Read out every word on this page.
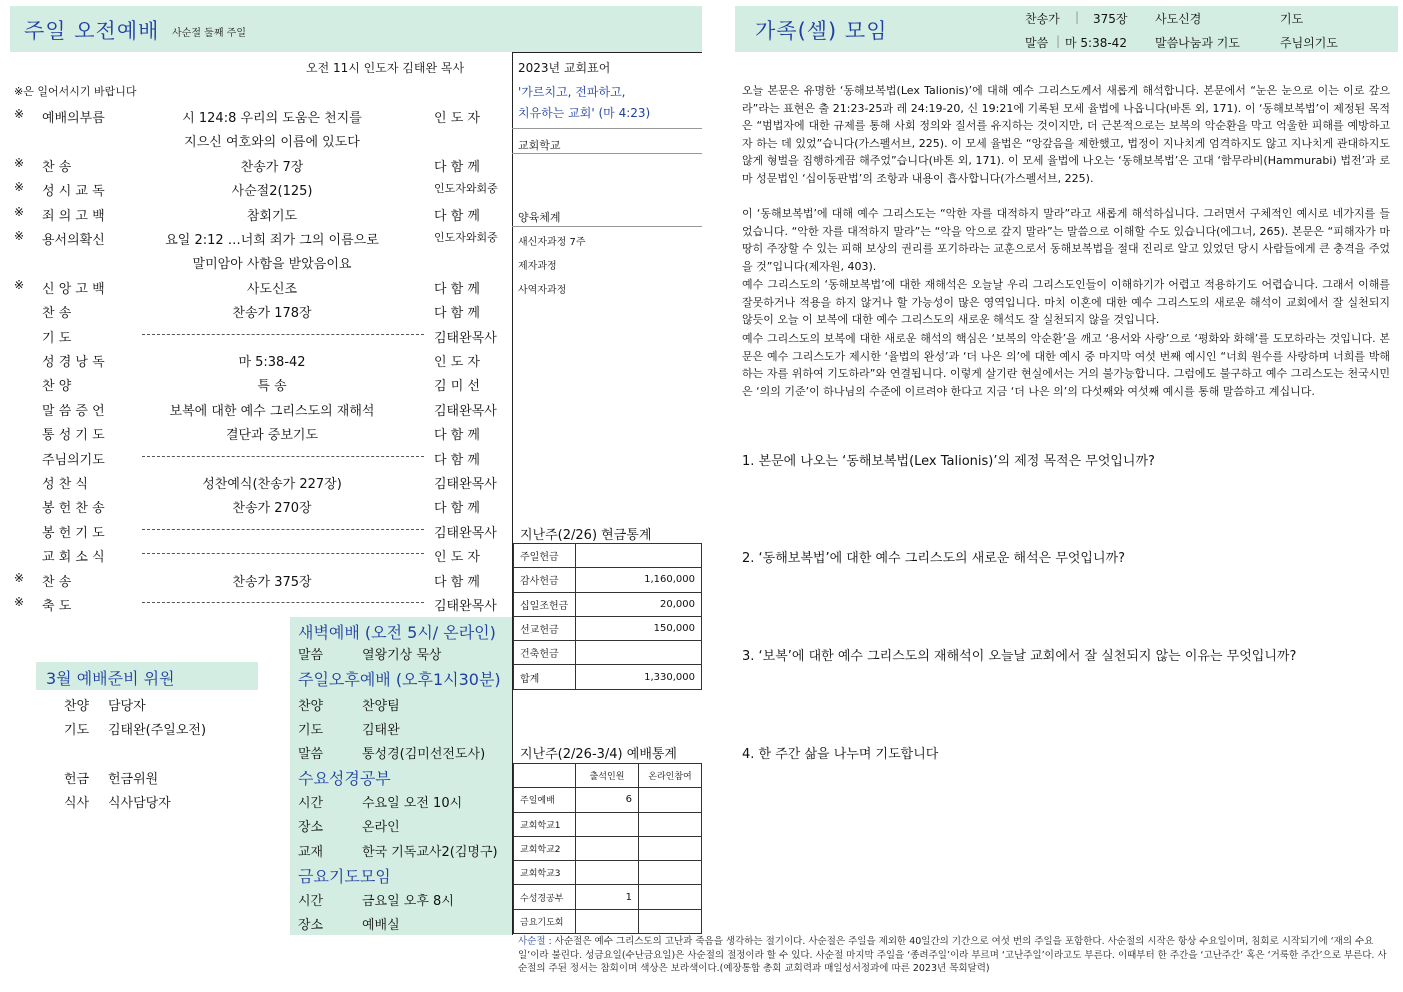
주일 오전예배 사순절 둘째 주일	가족(셀) 모임	찬송가 | 375장 사도신경	기도
말씀 | 마 5:38-42 말씀나눔과 기도	주님의기도
오전 11시 인도자 김태완 목사
※은 일어서시기 바랍니다
※ 예배의부름	시 124:8 우리의 도움은 천지를	인 도 자
지으신 여호와의 이름에 있도다
※ 찬 송	찬송가 7장	다 함 께
※ 성 시 교 독	사순절2(125)	인도자와회중
※ 죄 의 고 백	참회기도	다 함 께
※ 용서의확신	요일 2:12 …너희 죄가 그의 이름으로	인도자와회중
말미암아 사함을 받았음이요
※ 신 앙 고 백	사도신조	다 함 께
찬 송	찬송가 178장	다 함 께
기 도	김태완목사
성 경 낭 독	마 5:38-42	인 도 자
찬 양	특 송	김 미 선
말 씀 증 언	보복에 대한 예수 그리스도의 재해석	김태완목사
통 성 기 도	결단과 중보기도	다 함 께
주님의기도	다 함 께
성 찬 식	성찬예식(찬송가 227장)	김태완목사
봉 헌 찬 송	찬송가 270장	다 함 께
봉 헌 기 도	김태완목사
교 회 소 식	인 도 자
※ 찬 송	찬송가 375장	다 함 께
※ 축 도	김태완목사
2023년 교회표어
'가르치고, 전파하고,
치유하는 교회' (마 4:23)
교회학교
양육체계
새신자과정 7주
제자과정
사역자과정
지난주(2/26) 현금통계
주일헌금	
감사헌금	1,160,000
십일조헌금	20,000
선교헌금	150,000
건축헌금	
합계	1,330,000
지난주(2/26-3/4) 예배통계
	출석인원	온라인참여
주일예배	6	
교회학교1		
교회학교2		
교회학교3		
수성경공부	1	
금요기도회		
새벽예배 (오전 5시/ 온라인)
말씀	열왕기상 묵상
주일오후예배 (오후1시30분)
찬양	찬양팀
기도	김태완
말씀	통성경(김미선전도사)
수요성경공부
시간	수요일 오전 10시
장소	온라인
교재	한국 기독교사2(김명구)
금요기도모임
시간	금요일 오후 8시
장소	예배실
3월 예배준비 위원
찬양 담당자
기도 김태완(주일오전)
헌금 헌금위원
식사 식사담당자
오늘 본문은 유명한 ‘동해보복법(Lex Talionis)’에 대해 예수 그리스도께서 새롭게 해석합니다. 본문에서 “눈은 눈으로 이는 이로 갚으라”라는 표현은 출 21:23-25과 레 24:19-20, 신 19:21에 기록된 모세 율법에 나옵니다(바톤 외, 171). 이 ‘동해보복법’이 제정된 목적은 “범법자에 대한 규제를 통해 사회 정의와 질서를 유지하는 것이지만, 더 근본적으로는 보복의 악순환을 막고 억울한 피해를 예방하고자 하는 데 있었”습니다(가스펠서브, 225). 이 모세 율법은 “앙갚음을 제한했고, 법정이 지나치게 엄격하지도 않고 지나치게 관대하지도 않게 형벌을 집행하게끔 해주었”습니다(바톤 외, 171). 이 모세 율법에 나오는 ‘동해보복법’은 고대 ‘함무라비(Hammurabi) 법전’과 로마 성문법인 ‘십이동판법’의 조항과 내용이 흡사합니다(가스펠서브, 225).
이 ‘동해보복법’에 대해 예수 그리스도는 “악한 자를 대적하지 말라”라고 새롭게 해석하십니다. 그러면서 구체적인 예시로 네가지를 들었습니다. “악한 자를 대적하지 말라”는 “악을 악으로 갚지 말라”는 말씀으로 이해할 수도 있습니다(에그너, 265). 본문은 “피해자가 마땅히 주장할 수 있는 피해 보상의 권리를 포기하라는 교훈으로서 동해보복법을 절대 진리로 알고 있었던 당시 사람들에게 큰 충격을 주었을 것”입니다(제자원, 403).
예수 그리스도의 ‘동해보복법’에 대한 재해석은 오늘날 우리 그리스도인들이 이해하기가 어렵고 적용하기도 어렵습니다. 그래서 이해를 잘못하거나 적용을 하지 않거나 할 가능성이 많은 영역입니다. 마치 이혼에 대한 예수 그리스도의 새로운 해석이 교회에서 잘 실천되지 않듯이 오늘 이 보복에 대한 예수 그리스도의 새로운 해석도 잘 실천되지 않을 것입니다.
예수 그리스도의 보복에 대한 새로운 해석의 핵심은 ‘보복의 악순환’을 깨고 ‘용서와 사랑’으로 ‘평화와 화해’를 도모하라는 것입니다. 본문은 예수 그리스도가 제시한 ‘율법의 완성’과 ‘더 나은 의’에 대한 예시 중 마지막 여섯 번째 예시인 “너희 원수를 사랑하며 너희를 박해하는 자를 위하여 기도하라”와 연결됩니다. 이렇게 살기란 현실에서는 거의 불가능합니다. 그럼에도 불구하고 예수 그리스도는 천국시민은 ‘의의 기준’이 하나님의 수준에 이르려야 한다고 지금 ‘더 나은 의’의 다섯째와 여섯째 예시를 통해 말씀하고 계십니다.
1. 본문에 나오는 ‘동해보복법(Lex Talionis)’의 제정 목적은 무엇입니까?
2. ‘동해보복법’에 대한 예수 그리스도의 새로운 해석은 무엇입니까?
3. ‘보복’에 대한 예수 그리스도의 재해석이 오늘날 교회에서 잘 실천되지 않는 이유는 무엇입니까?
4. 한 주간 삶을 나누며 기도합니다
사순절 : 사순절은 예수 그리스도의 고난과 죽음을 생각하는 절기이다. 사순절은 주일을 제외한 40일간의 기간으로 여섯 번의 주일을 포함한다. 사순절의 시작은 항상 수요일이며, 침회로 시작되기에 ‘재의 수요일’이라 불린다. 성금요일(수난금요일)은 사순절의 절정이라 할 수 있다. 사순절 마지막 주일을 ‘종려주일’이라 부르며 ‘고난주일’이라고도 부른다. 이때부터 한 주간을 ‘고난주간’ 혹은 ‘거룩한 주간’으로 부른다. 사순절의 주된 정서는 참회이며 색상은 보라색이다.(예장통합 총회 교회력과 매일성서정과에 따른 2023년 목회달력)
